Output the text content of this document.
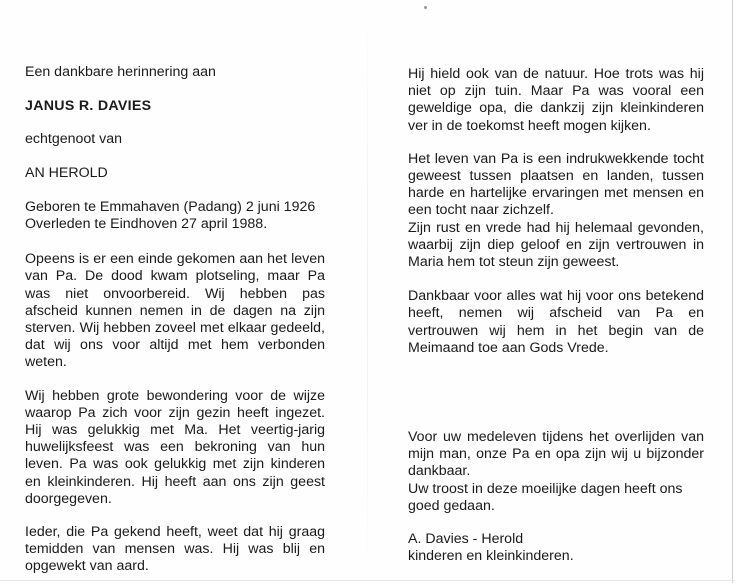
Een dankbare herinnering aan

JANUS R. DAVIES

echtgenoot van

AN HEROLD

Geboren te Emmahaven (Padang) 2 juni 1926

Overleden te Eindhoven 27 april 1988.

Opeens is er een einde gekomen aan het leven van Pa. De dood kwam plotseling, maar Pa was niet onvoorbereid. Wij hebben pas afscheid kunnen nemen in de dagen na zijn sterven. Wij hebben zoveel met elkaar gedeeld, dat wij ons voor altijd met hem verbonden weten.

Wij hebben grote bewondering voor de wijze waarop Pa zich voor zijn gezin heeft ingezet. Hij was gelukkig met Ma. Het veertig-jarig huwelijksfeest was een bekroning van hun leven. Pa was ook gelukkig met zijn kinderen en kleinkinderen. Hij heeft aan ons zijn geest doorgegeven.

Ieder, die Pa gekend heeft, weet dat hij graag temidden van mensen was. Hij was blij en opgewekt van aard.

Hij hield ook van de natuur. Hoe trots was hij niet op zijn tuin. Maar Pa was vooral een geweldige opa, die dankzij zijn kleinkinderen ver in de toekomst heeft mogen kijken.

Het leven van Pa is een indrukwekkende tocht geweest tussen plaatsen en landen, tussen harde en hartelijke ervaringen met mensen en een tocht naar zichzelf.

Zijn rust en vrede had hij helemaal gevonden, waarbij zijn diep geloof en zijn vertrouwen in Maria hem tot steun zijn geweest.

Dankbaar voor alles wat hij voor ons betekend heeft, nemen wij afscheid van Pa en vertrouwen wij hem in het begin van de Meimaand toe aan Gods Vrede.

Voor uw medeleven tijdens het overlijden van mijn man, onze Pa en opa zijn wij u bijzonder dankbaar.

Uw troost in deze moeilijke dagen heeft ons goed gedaan.

A. Davies - Herold

kinderen en kleinkinderen.
